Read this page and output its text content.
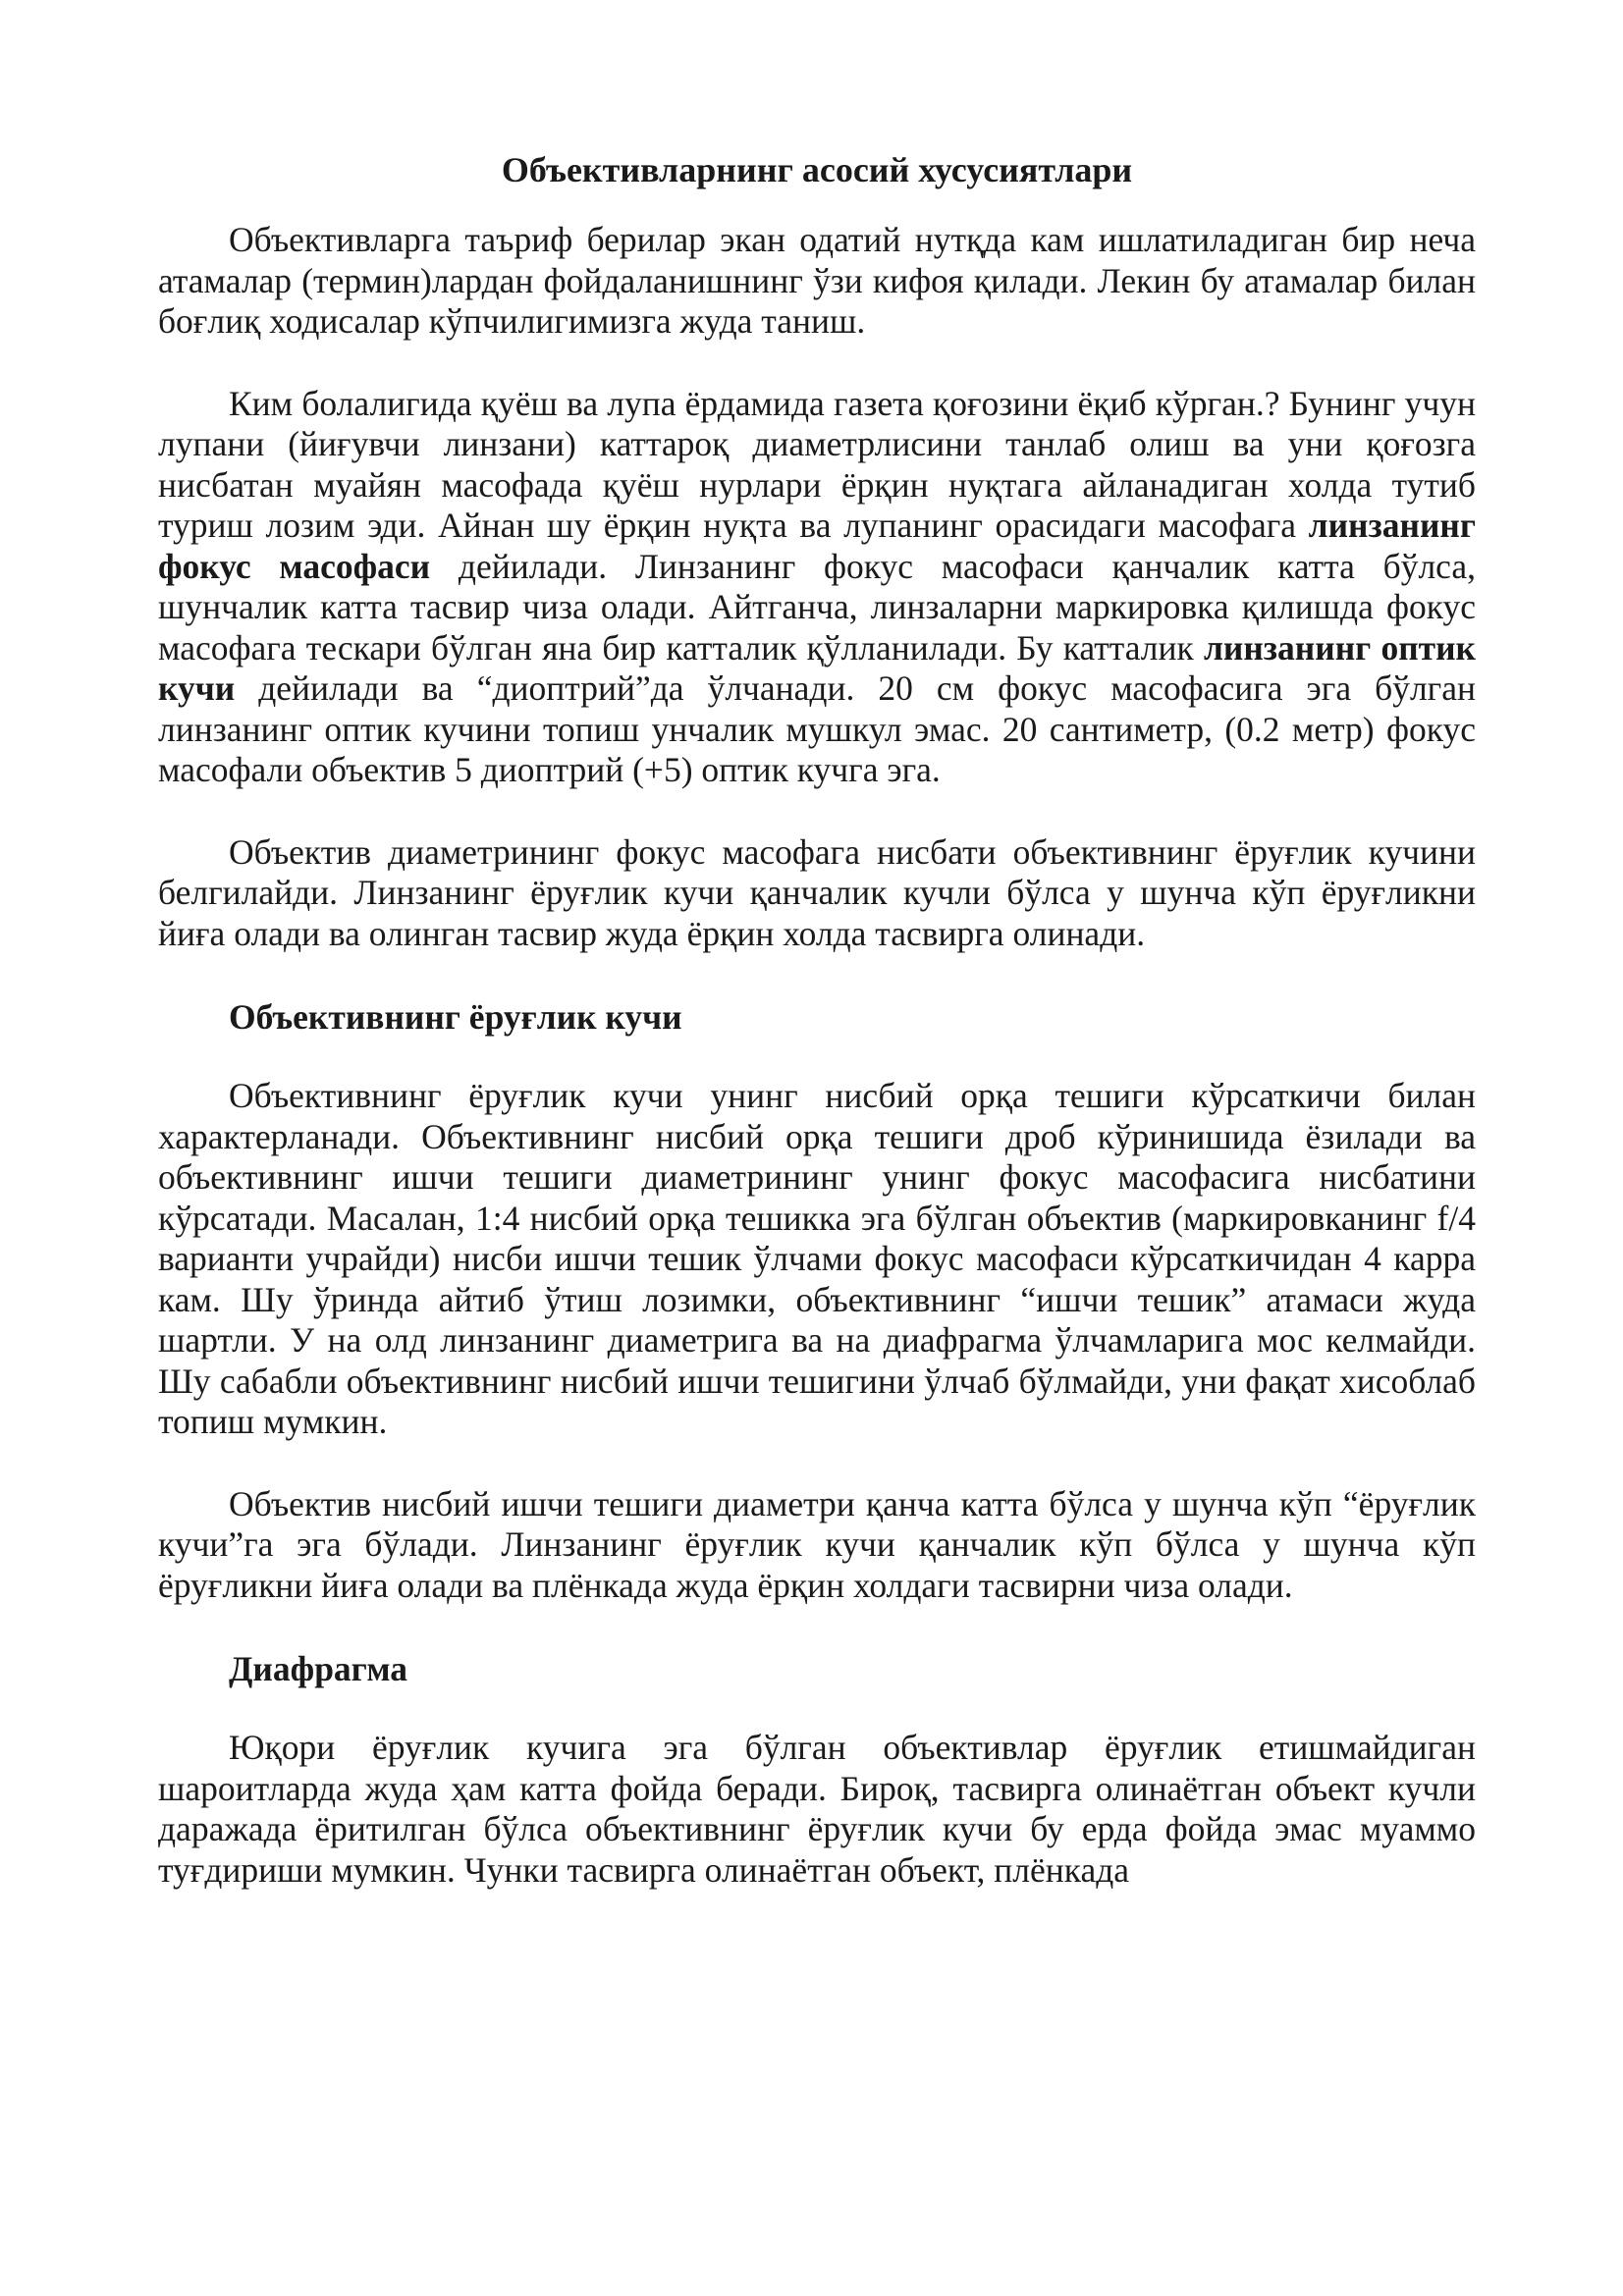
Объективларнинг асосий хусусиятлари

Объективларга таъриф берилар экан одатий нутқда кам ишлатиладиган бир неча атамалар (термин)лардан фойдаланишнинг ўзи кифоя қилади. Лекин бу атамалар билан боғлиқ ходисалар кўпчилигимизга жуда таниш.

Ким болалигида қуёш ва лупа ёрдамида газета қоғозини ёқиб кўрган.? Бунинг учун лупани (йиғувчи линзани) каттароқ диаметрлисини танлаб олиш ва уни қоғозга нисбатан муайян масофада қуёш нурлари ёрқин нуқтага айланадиган холда тутиб туриш лозим эди. Айнан шу ёрқин нуқта ва лупанинг орасидаги масофага линзанинг фокус масофаси дейилади. Линзанинг фокус масофаси қанчалик катта бўлса, шунчалик катта тасвир чиза олади. Айтганча, линзаларни маркировка қилишда фокус масофага тескари бўлган яна бир катталик қўлланилади. Бу катталик линзанинг оптик кучи дейилади ва “диоптрий”да ўлчанади. 20 см фокус масофасига эга бўлган линзанинг оптик кучини топиш унчалик мушкул эмас. 20 сантиметр, (0.2 метр) фокус масофали объектив 5 диоптрий (+5) оптик кучга эга.

Объектив диаметрининг фокус масофага нисбати объективнинг ёруғлик кучини белгилайди. Линзанинг ёруғлик кучи қанчалик кучли бўлса у шунча кўп ёруғликни йиға олади ва олинган тасвир жуда ёрқин холда тасвирга олинади.

Объективнинг ёруғлик кучи

Объективнинг ёруғлик кучи унинг нисбий орқа тешиги кўрсаткичи билан характерланади. Объективнинг нисбий орқа тешиги дроб кўринишида ёзилади ва объективнинг ишчи тешиги диаметрининг унинг фокус масофасига нисбатини кўрсатади. Масалан, 1:4 нисбий орқа тешикка эга бўлган объектив (маркировканинг f/4 варианти учрайди) нисби ишчи тешик ўлчами фокус масофаси кўрсаткичидан 4 карра кам. Шу ўринда айтиб ўтиш лозимки, объективнинг “ишчи тешик” атамаси жуда шартли. У на олд линзанинг диаметрига ва на диафрагма ўлчамларига мос келмайди. Шу сабабли объективнинг нисбий ишчи тешигини ўлчаб бўлмайди, уни фақат хисоблаб топиш мумкин.

Объектив нисбий ишчи тешиги диаметри қанча катта бўлса у шунча кўп “ёруғлик кучи”га эга бўлади. Линзанинг ёруғлик кучи қанчалик кўп бўлса у шунча кўп ёруғликни йиға олади ва плёнкада жуда ёрқин холдаги тасвирни чиза олади.

Диафрагма

Юқори ёруғлик кучига эга бўлган объективлар ёруғлик етишмайдиган шароитларда жуда ҳам катта фойда беради. Бироқ, тасвирга олинаётган объект кучли даражада ёритилган бўлса объективнинг ёруғлик кучи бу ерда фойда эмас муаммо туғдириши мумкин. Чунки тасвирга олинаётган объект, плёнкада
